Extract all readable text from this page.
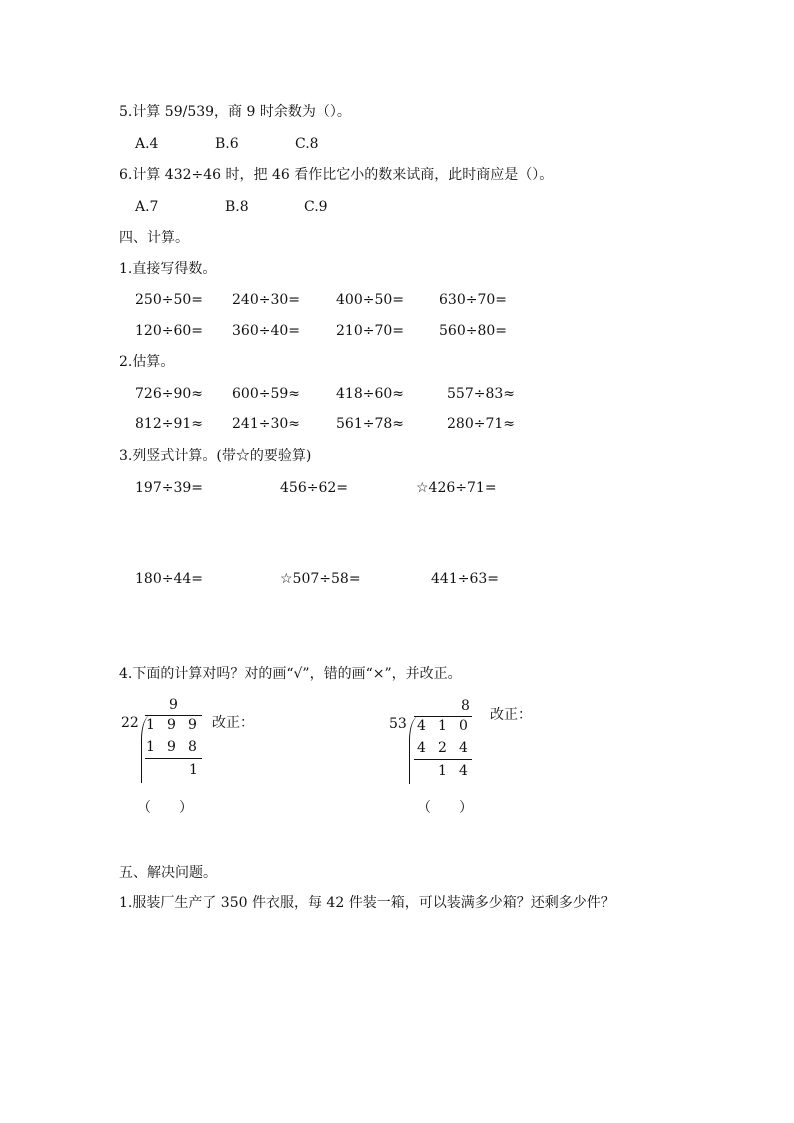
5.计算 59/539，商 9 时余数为（）。
A.4	B.6	C.8
6.计算 432÷46 时，把 46 看作比它小的数来试商，此时商应是（）。
A.7	B.8	C.9
四、计算。
1.直接写得数。
250÷50= 240÷30=	400÷50=	630÷70=
120÷60= 360÷40=	210÷70=	560÷80=
2.估算。
726÷90≈ 600÷59≈	418÷60≈	557÷83≈
812÷91≈ 241÷30≈	561÷78≈	280÷71≈
3.列竖式计算。(带☆的要验算)
197÷39=	456÷62=	☆426÷71=
180÷44=	☆507÷58=	441÷63=
4.下面的计算对吗？对的画“√”，错的画“×”，并改正。
9
22 1 9 9
1 9 8
1
改正：
（　　）
8
53 4 1 0
4 2 4
1 4
改正：
（　　）
五、解决问题。
1.服装厂生产了 350 件衣服，每 42 件装一箱，可以装满多少箱？还剩多少件？
